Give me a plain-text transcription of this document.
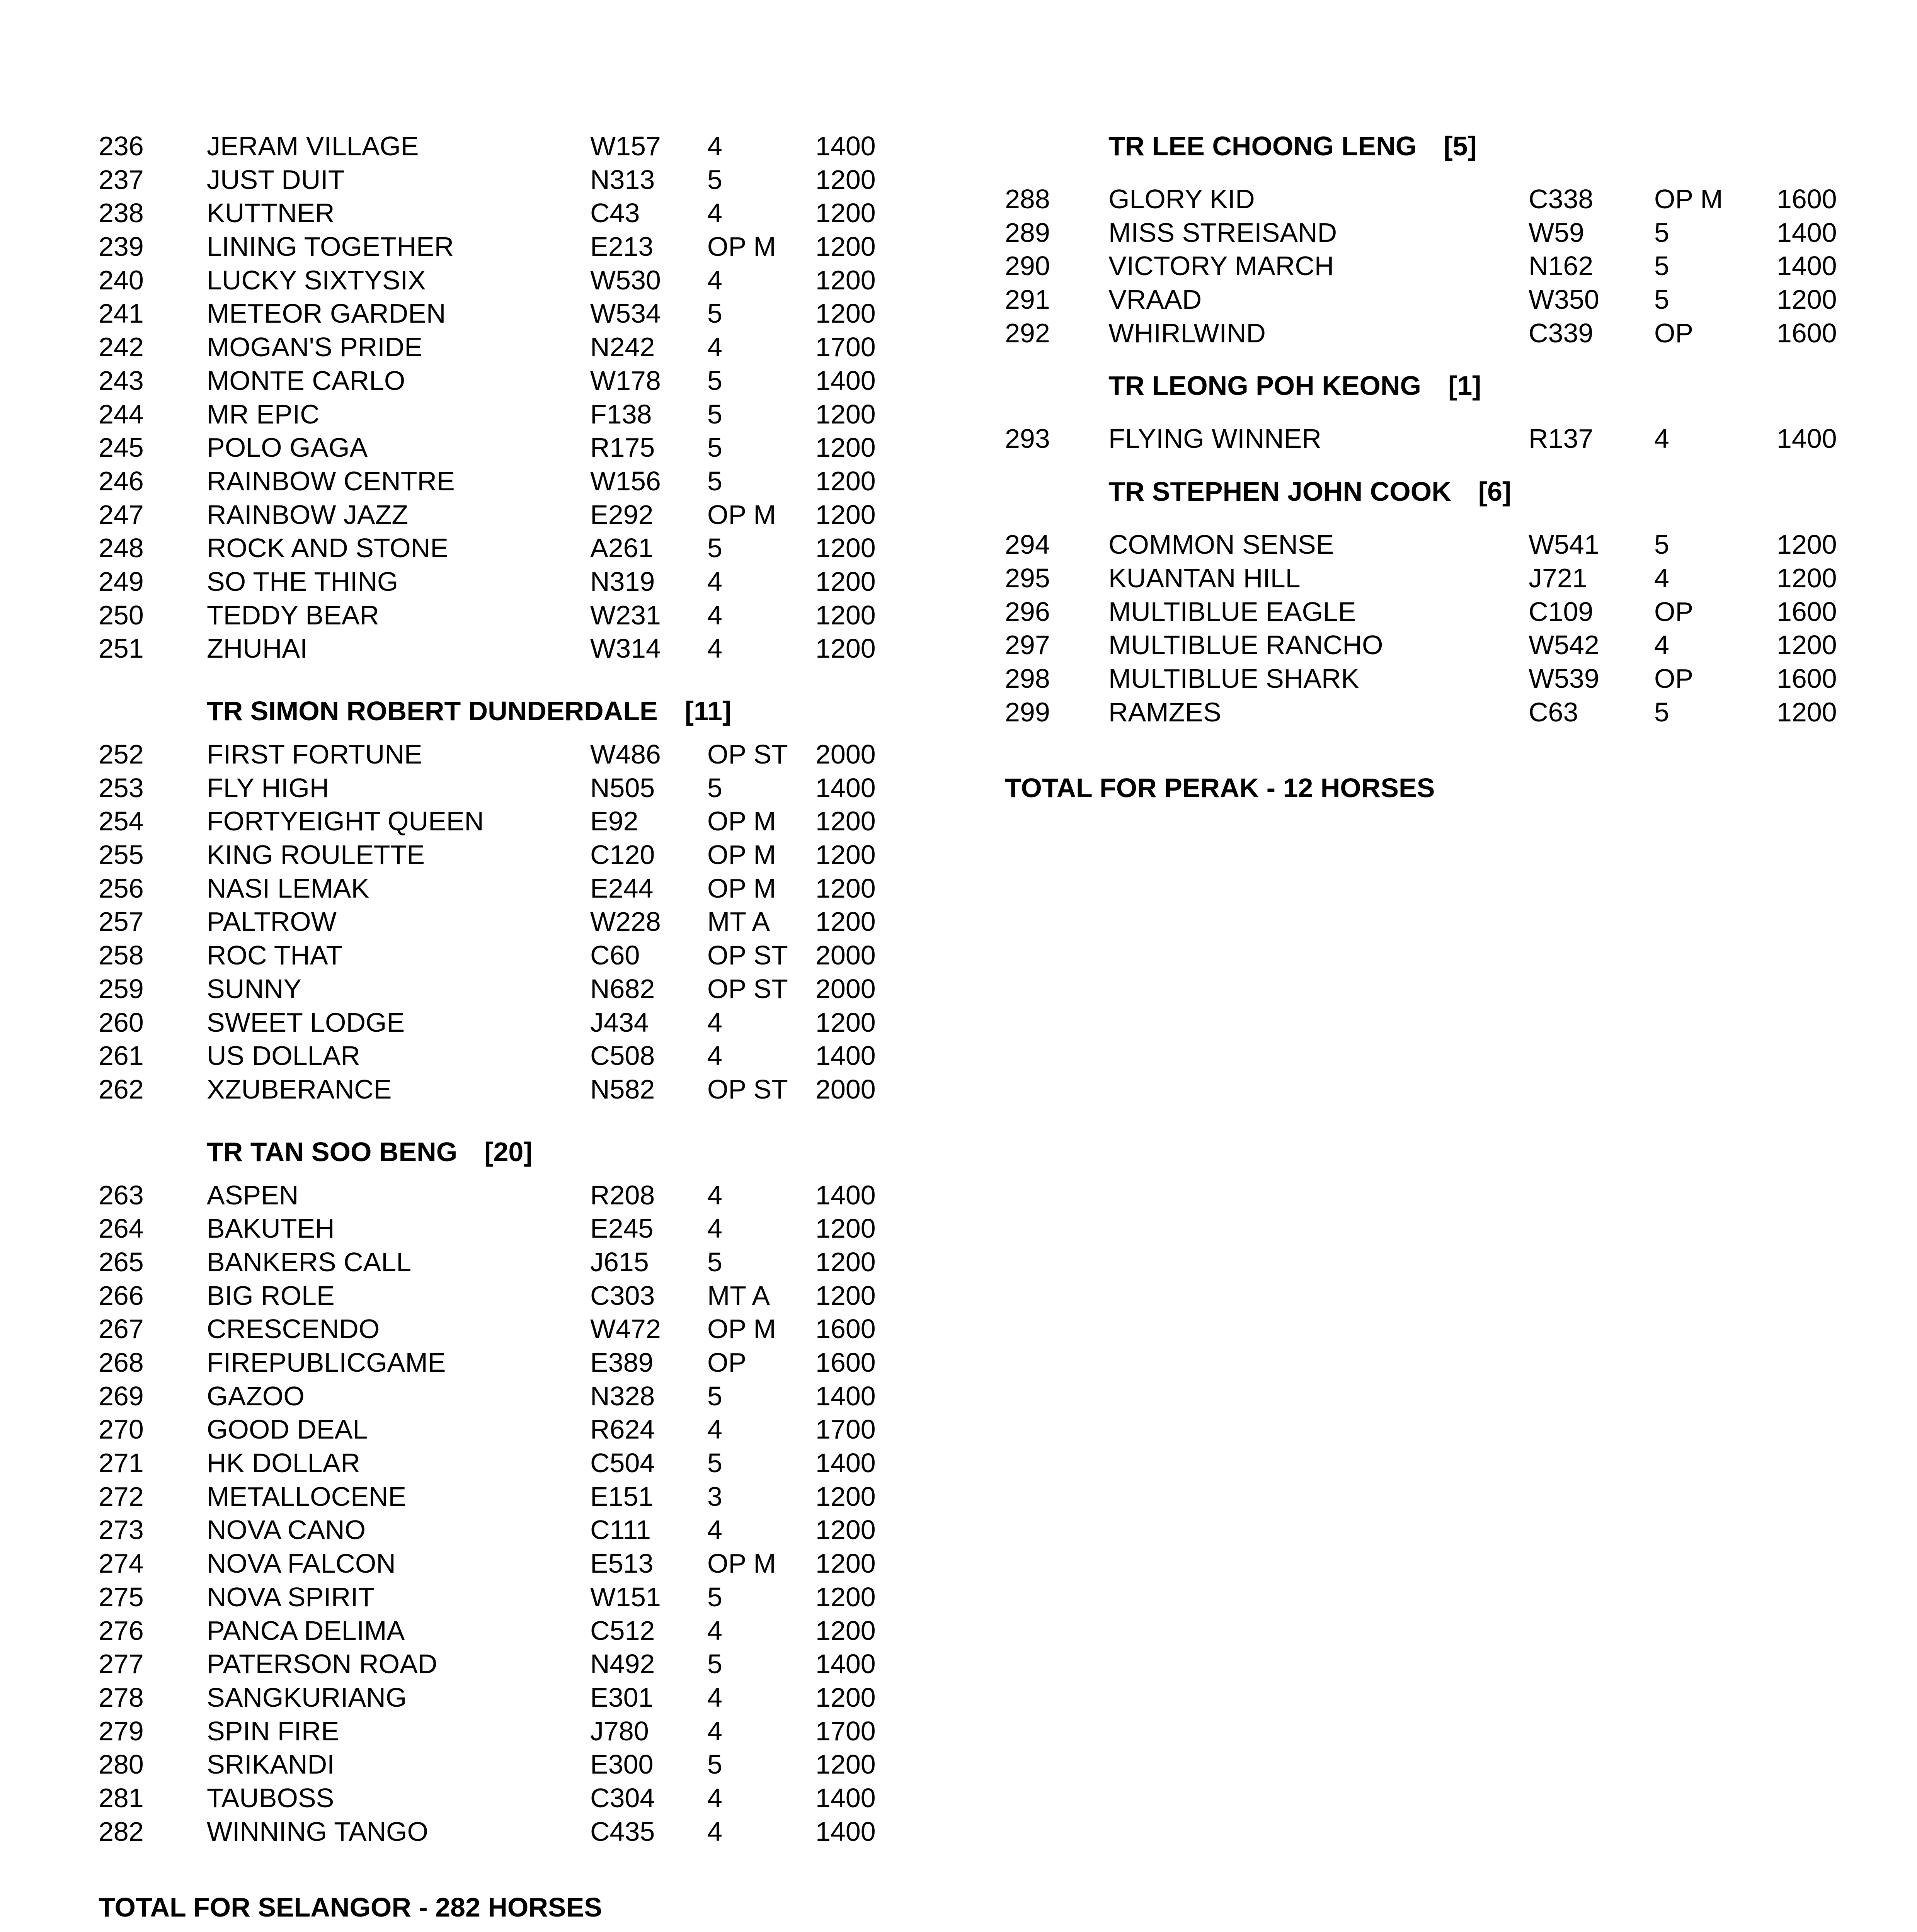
236 JERAM VILLAGE	W157 4	1400
237 JUST DUIT	N313 5	1200
238 KUTTNER	C43 4	1200
239 LINING TOGETHER	E213 OP M 1200
240 LUCKY SIXTYSIX	W530 4	1200
241 METEOR GARDEN	W534 5	1200
242 MOGAN'S PRIDE	N242 4	1700
243 MONTE CARLO	W178 5	1400
244 MR EPIC	F138 5	1200
245 POLO GAGA	R175 5	1200
246 RAINBOW CENTRE	W156 5	1200
247 RAINBOW JAZZ	E292 OP M 1200
248 ROCK AND STONE	A261 5	1200
249 SO THE THING	N319 4	1200
250 TEDDY BEAR	W231 4	1200
251 ZHUHAI	W314 4	1200
TR SIMON ROBERT DUNDERDALE [11]
252 FIRST FORTUNE	W486 OP ST 2000
253 FLY HIGH	N505 5	1400
254 FORTYEIGHT QUEEN	E92	OP M 1200
255 KING ROULETTE	C120 OP M 1200
256 NASI LEMAK	E244 OP M 1200
257 PALTROW	W228 MT A 1200
258 ROC THAT	C60 OP ST 2000
259 SUNNY	N682 OP ST 2000
260 SWEET LODGE	J434 4	1200
261 US DOLLAR	C508 4	1400
262 XZUBERANCE	N582 OP ST 2000
TR TAN SOO BENG [20]
263 ASPEN	R208 4	1400
264 BAKUTEH	E245 4	1200
265 BANKERS CALL	J615 5	1200
266 BIG ROLE	C303 MT A 1200
267 CRESCENDO	W472 OP M 1600
268 FIREPUBLICGAME	E389 OP	1600
269 GAZOO	N328 5	1400
270 GOOD DEAL	R624 4	1700
271 HK DOLLAR	C504 5	1400
272 METALLOCENE	E151 3	1200
273 NOVA CANO	C111 4	1200
274 NOVA FALCON	E513 OP M 1200
275 NOVA SPIRIT	W151 5	1200
276 PANCA DELIMA	C512 4	1200
277 PATERSON ROAD	N492 5	1400
278 SANGKURIANG	E301 4	1200
279 SPIN FIRE	J780 4	1700
280 SRIKANDI	E300 5	1200
281 TAUBOSS	C304 4	1400
282 WINNING TANGO	C435 4	1400
TOTAL FOR SELANGOR - 282 HORSES
TR LEE CHOONG LENG [5]
288 GLORY KID	C338 OP M 1600
289 MISS STREISAND	W59	5	1400
290 VICTORY MARCH	N162 5	1400
291 VRAAD	W350 5	1200
292 WHIRLWIND	C339 OP	1600
TR LEONG POH KEONG [1]
293 FLYING WINNER	R137 4	1400
TR STEPHEN JOHN COOK [6]
294 COMMON SENSE	W541 5	1200
295 KUANTAN HILL	J721 4	1200
296 MULTIBLUE EAGLE	C109 OP	1600
297 MULTIBLUE RANCHO	W542 4	1200
298 MULTIBLUE SHARK	W539 OP	1600
299 RAMZES	C63	5	1200
TOTAL FOR PERAK - 12 HORSES
